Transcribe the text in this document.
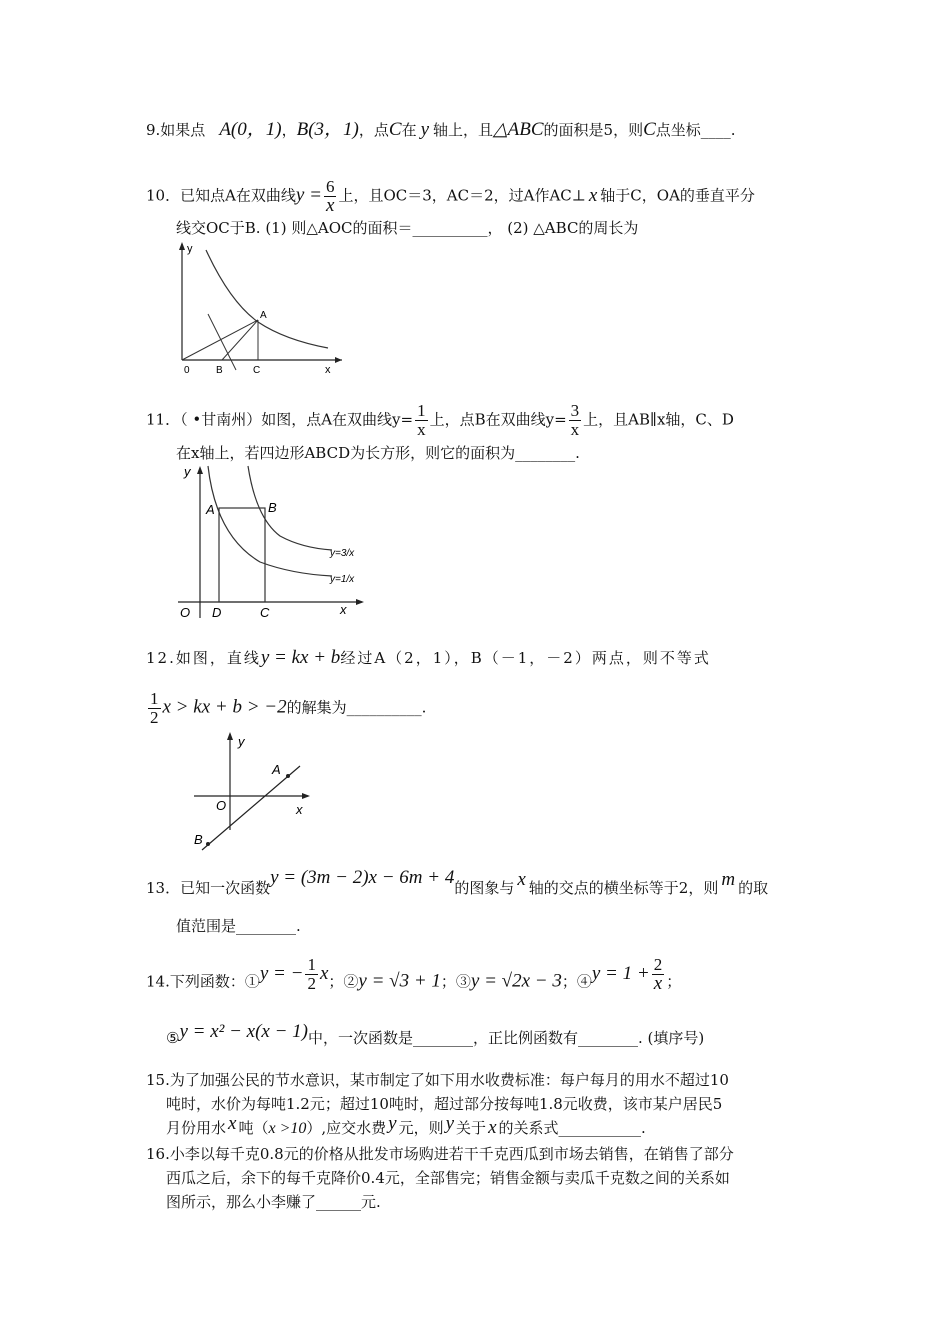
9.如果点 A(0，1)，B(3，1)，点C在 y 轴上，且△ABC的面积是5，则C点坐标____.
10．已知点A在双曲线$y = \frac{6}{x}$ 上，且OC＝3，AC＝2，过A作AC⊥ x 轴于C，OA的垂直平分
线交OC于B. (1) 则△AOC的面积＝__________， (2) △ABC的周长为
y
x
A
0	B	C
11．（ •甘南州）如图，点A在双曲线$y= \frac{1}{x}$ 上，点B在双曲线$y= \frac{3}{x}$ 上，且AB∥x轴，C、D
在x轴上，若四边形ABCD为长方形，则它的面积为________.
y
x
A	B
O D	C
y=3/x
y=1/x
12.如图，直线y = kx + b经过A（2，1），B（－1，－2）两点，则不等式
$\frac{1}{2}$ x > kx + b > −2的解集为__________.
y
x
O
A
B
13．已知一次函数y = (3m − 2)x − 6m + 4的图象与 x 轴的交点的横坐标等于2，则 m 的取
值范围是________.
14.下列函数：①y = − $\frac{1}{2}$ x；②y = √3 + 1；③y = √2x − 3；④y = $1 + \frac{2}{x}$ ；
⑤y = x² − x(x − 1)中，一次函数是________，正比例函数有________. (填序号)
15.为了加强公民的节水意识，某市制定了如下用水收费标准：每户每月的用水不超过10
吨时，水价为每吨1.2元；超过10吨时，超过部分按每吨1.8元收费，该市某户居民5
月份用水 x 吨（x >10）,应交水费 y 元，则 y 关于 x 的关系式___________.
16.小李以每千克0.8元的价格从批发市场购进若干千克西瓜到市场去销售，在销售了部分
西瓜之后，余下的每千克降价0.4元，全部售完；销售金额与卖瓜千克数之间的关系如
图所示，那么小李赚了______元.
